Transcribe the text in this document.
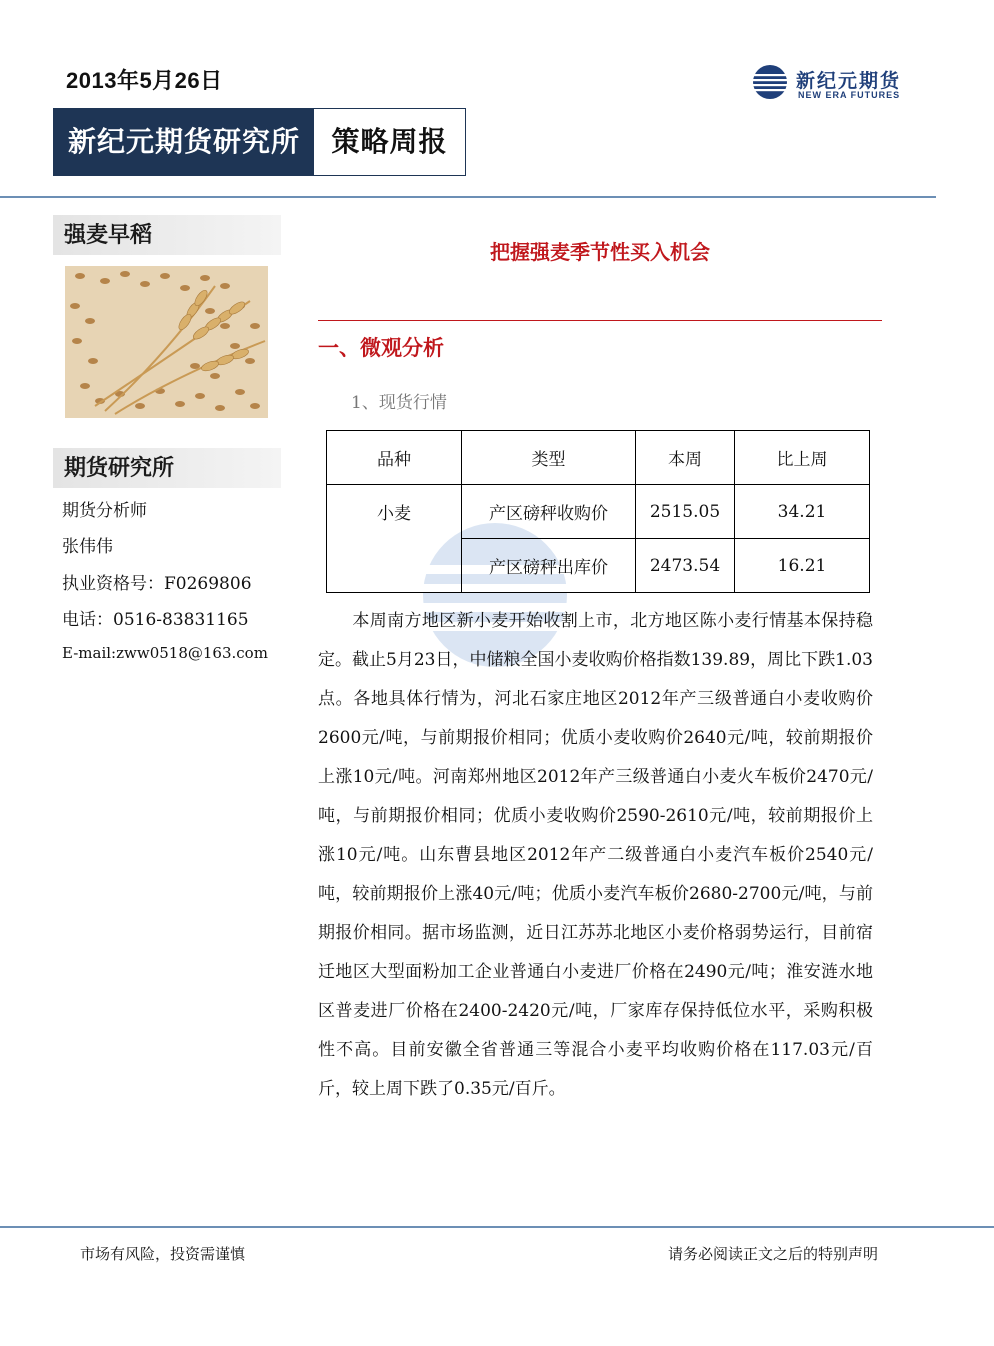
2013年5月26日	新纪元期货
NEW ERA FUTURES
新纪元期货研究所	策略周报
强麦早稻
期货研究所
期货分析师
张伟伟
执业资格号：F0269806
电话：0516-83831165
E-mail:zww0518@163.com
把握强麦季节性买入机会
一、微观分析
1、现货行情
品种	类型	本周	比上周
小麦	产区磅秤收购价	2515.05	34.21
	产区磅秤出库价	2473.54	16.21
本周南方地区新小麦开始收割上市，北方地区陈小麦行情基本保持稳定。截止5月23日，中储粮全国小麦收购价格指数139.89，周比下跌1.03点。各地具体行情为，河北石家庄地区2012年产三级普通白小麦收购价2600元/吨，与前期报价相同；优质小麦收购价2640元/吨，较前期报价上涨10元/吨。河南郑州地区2012年产三级普通白小麦火车板价2470元/吨，与前期报价相同；优质小麦收购价2590-2610元/吨，较前期报价上涨10元/吨。山东曹县地区2012年产二级普通白小麦汽车板价2540元/吨，较前期报价上涨40元/吨；优质小麦汽车板价2680-2700元/吨，与前期报价相同。据市场监测，近日江苏苏北地区小麦价格弱势运行，目前宿迁地区大型面粉加工企业普通白小麦进厂价格在2490元/吨；淮安涟水地区普麦进厂价格在2400-2420元/吨，厂家库存保持低位水平，采购积极性不高。目前安徽全省普通三等混合小麦平均收购价格在117.03元/百斤，较上周下跌了0.35元/百斤。
市场有风险，投资需谨慎	请务必阅读正文之后的特别声明
